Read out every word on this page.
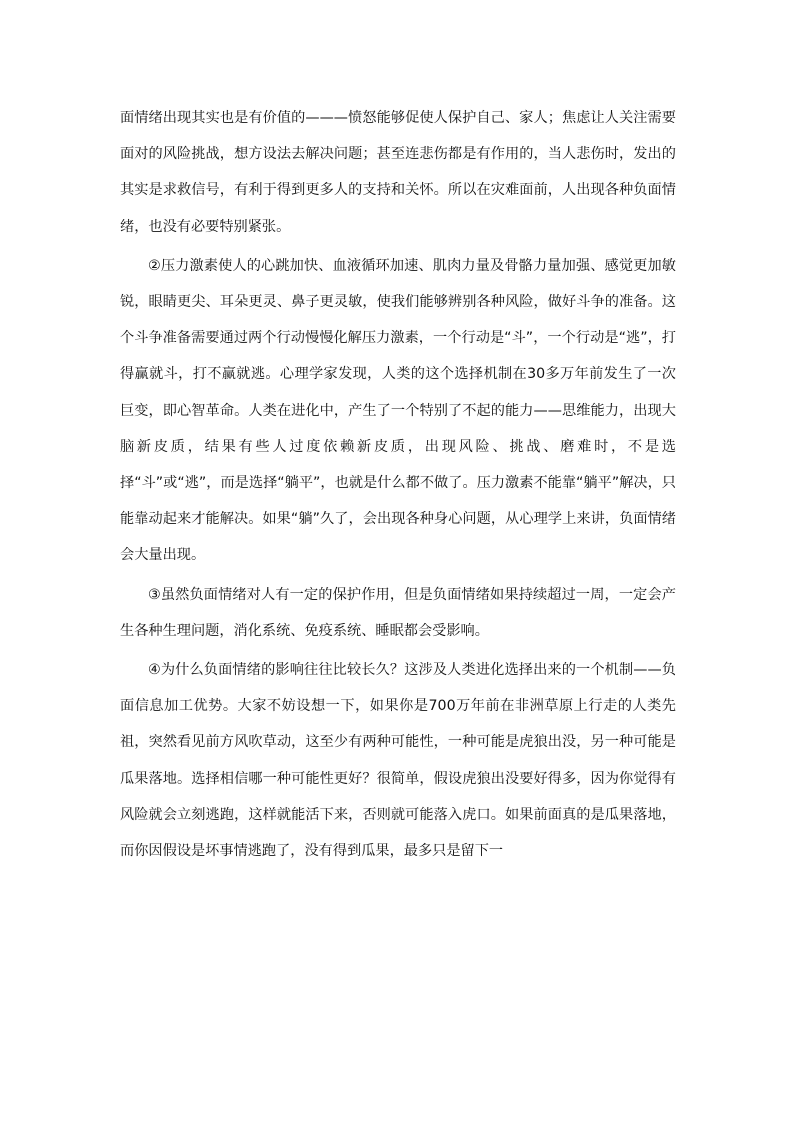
面情绪出现其实也是有价值的———愤怒能够促使人保护自己、家人；焦虑让人关注需要面对的风险挑战，想方设法去解决问题；甚至连悲伤都是有作用的，当人悲伤时，发出的其实是求救信号，有利于得到更多人的支持和关怀。所以在灾难面前，人出现各种负面情绪，也没有必要特别紧张。

②压力激素使人的心跳加快、血液循环加速、肌肉力量及骨骼力量加强、感觉更加敏锐，眼睛更尖、耳朵更灵、鼻子更灵敏，使我们能够辨别各种风险，做好斗争的准备。这个斗争准备需要通过两个行动慢慢化解压力激素，一个行动是“斗”，一个行动是“逃”，打得赢就斗，打不赢就逃。心理学家发现，人类的这个选择机制在30多万年前发生了一次巨变，即心智革命。人类在进化中，产生了一个特别了不起的能力——思维能力，出现大脑新皮质，结果有些人过度依赖新皮质，出现风险、挑战、磨难时，不是选择“斗”或“逃”，而是选择“躺平”，也就是什么都不做了。压力激素不能靠“躺平”解决，只能靠动起来才能解决。如果“躺”久了，会出现各种身心问题，从心理学上来讲，负面情绪会大量出现。

③虽然负面情绪对人有一定的保护作用，但是负面情绪如果持续超过一周，一定会产生各种生理问题，消化系统、免疫系统、睡眠都会受影响。

④为什么负面情绪的影响往往比较长久？这涉及人类进化选择出来的一个机制——负面信息加工优势。大家不妨设想一下，如果你是700万年前在非洲草原上行走的人类先祖，突然看见前方风吹草动，这至少有两种可能性，一种可能是虎狼出没，另一种可能是瓜果落地。选择相信哪一种可能性更好？很简单，假设虎狼出没要好得多，因为你觉得有风险就会立刻逃跑，这样就能活下来，否则就可能落入虎口。如果前面真的是瓜果落地，而你因假设是坏事情逃跑了，没有得到瓜果，最多只是留下一
